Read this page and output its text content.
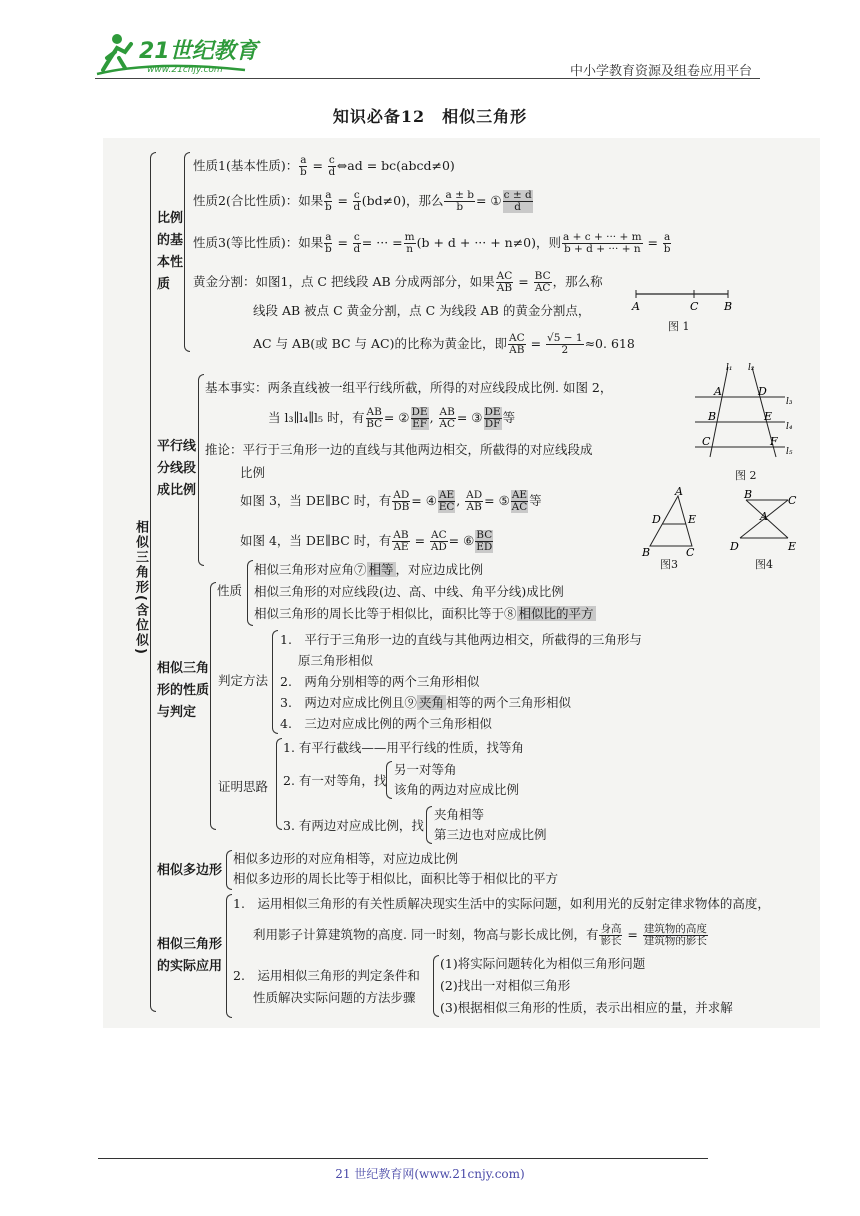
21世纪教育
www.21cnjy.com	中小学教育资源及组卷应用平台
知识必备12　相似三角形
相似三角形(含位似)
比例的基本性质
性质1(基本性质)： $\frac{a}{b} = \frac{c}{d}$ ⇔ad = bc(abcd≠0)
性质2(合比性质)：如果 $\frac{a}{b} = \frac{c}{d} (bd\ne 0)$，那么 $\frac{a \pm b}{b}$ = ① $\frac{c \pm d}{d}$
性质3(等比性质)：如果 $\frac{a}{b} = \frac{c}{d}$ = ··· = $\frac{m}{n} (b + d$ + ··· + n≠0)，则 $\frac{a + c + \cdot\cdot\cdot + m}{b + d + \cdot\cdot\cdot + n} = \frac{a}{b}$
黄金分割：如图1，点 C 把线段 AB 分成两部分，如果 $\frac{AC}{AB} = \frac{BC}{AC}$ ，那么称
线段 AB 被点 C 黄金分割，点 C 为线段 AB 的黄金分割点，
AC 与 AB(或 BC 与 AC)的比称为黄金比，即 $\frac{AC}{AB} = \frac{√5 - 1}{2} \approx 0$. 618
A	C B
图 1
平行线分线段成比例
基本事实：两条直线被一组平行线所截，所得的对应线段成比例. 如图 2，
当 l₃∥l₄∥l₅ 时，有 $\frac{AB}{BC}$ = ② $\frac{DE}{EF}$ , $\frac{AB}{AC}$ = ③ $\frac{DE}{DF}$ 等
推论：平行于三角形一边的直线与其他两边相交，所截得的对应线段成
比例
如图 3，当 DE∥BC 时，有 $\frac{AD}{DB}$ = ④ $\frac{AE}{EC}$ , $\frac{AD}{AB}$ = ⑤ $\frac{AE}{AC}$ 等
如图 4，当 DE∥BC 时，有 $\frac{AB}{AE} = \frac{AC}{AD}$ = ⑥ $\frac{BC}{ED}$
l₁ l₂
l₃
l₄
l₅
A
B
C
D
E
F
图 2
A
D E
B	C
图3
B	C
A
D	E
图4
相似三角形的性质与判定
性质
相似三角形对应角⑦ 相等 ，对应边成比例
相似三角形的对应线段(边、高、中线、角平分线)成比例
相似三角形的周长比等于相似比，面积比等于⑧ 相似比的平方
判定方法
1.　平行于三角形一边的直线与其他两边相交，所截得的三角形与
原三角形相似
2.　两角分别相等的两个三角形相似
3.　两边对应成比例且⑨ 夹角 相等的两个三角形相似
4.　三边对应成比例的两个三角形相似
证明思路
1. 有平行截线——用平行线的性质，找等角
2. 有一对等角，找
另一对等角
该角的两边对应成比例
3. 有两边对应成比例，找
夹角相等
第三边也对应成比例
相似多边形
相似多边形的对应角相等，对应边成比例
相似多边形的周长比等于相似比，面积比等于相似比的平方
相似三角形的实际应用
1.　运用相似三角形的有关性质解决现实生活中的实际问题，如利用光的反射定律求物体的高度，
利用影子计算建筑物的高度. 同一时刻，物高与影长成比例，有 $\frac{\text{身高}}{\text{影长}} = \frac{\text{建筑物的高度}}{\text{建筑物的影长}}$
2.　运用相似三角形的判定条件和
性质解决实际问题的方法步骤
(1)将实际问题转化为相似三角形问题
(2)找出一对相似三角形
(3)根据相似三角形的性质，表示出相应的量，并求解
21 世纪教育网(www.21cnjy.com)
